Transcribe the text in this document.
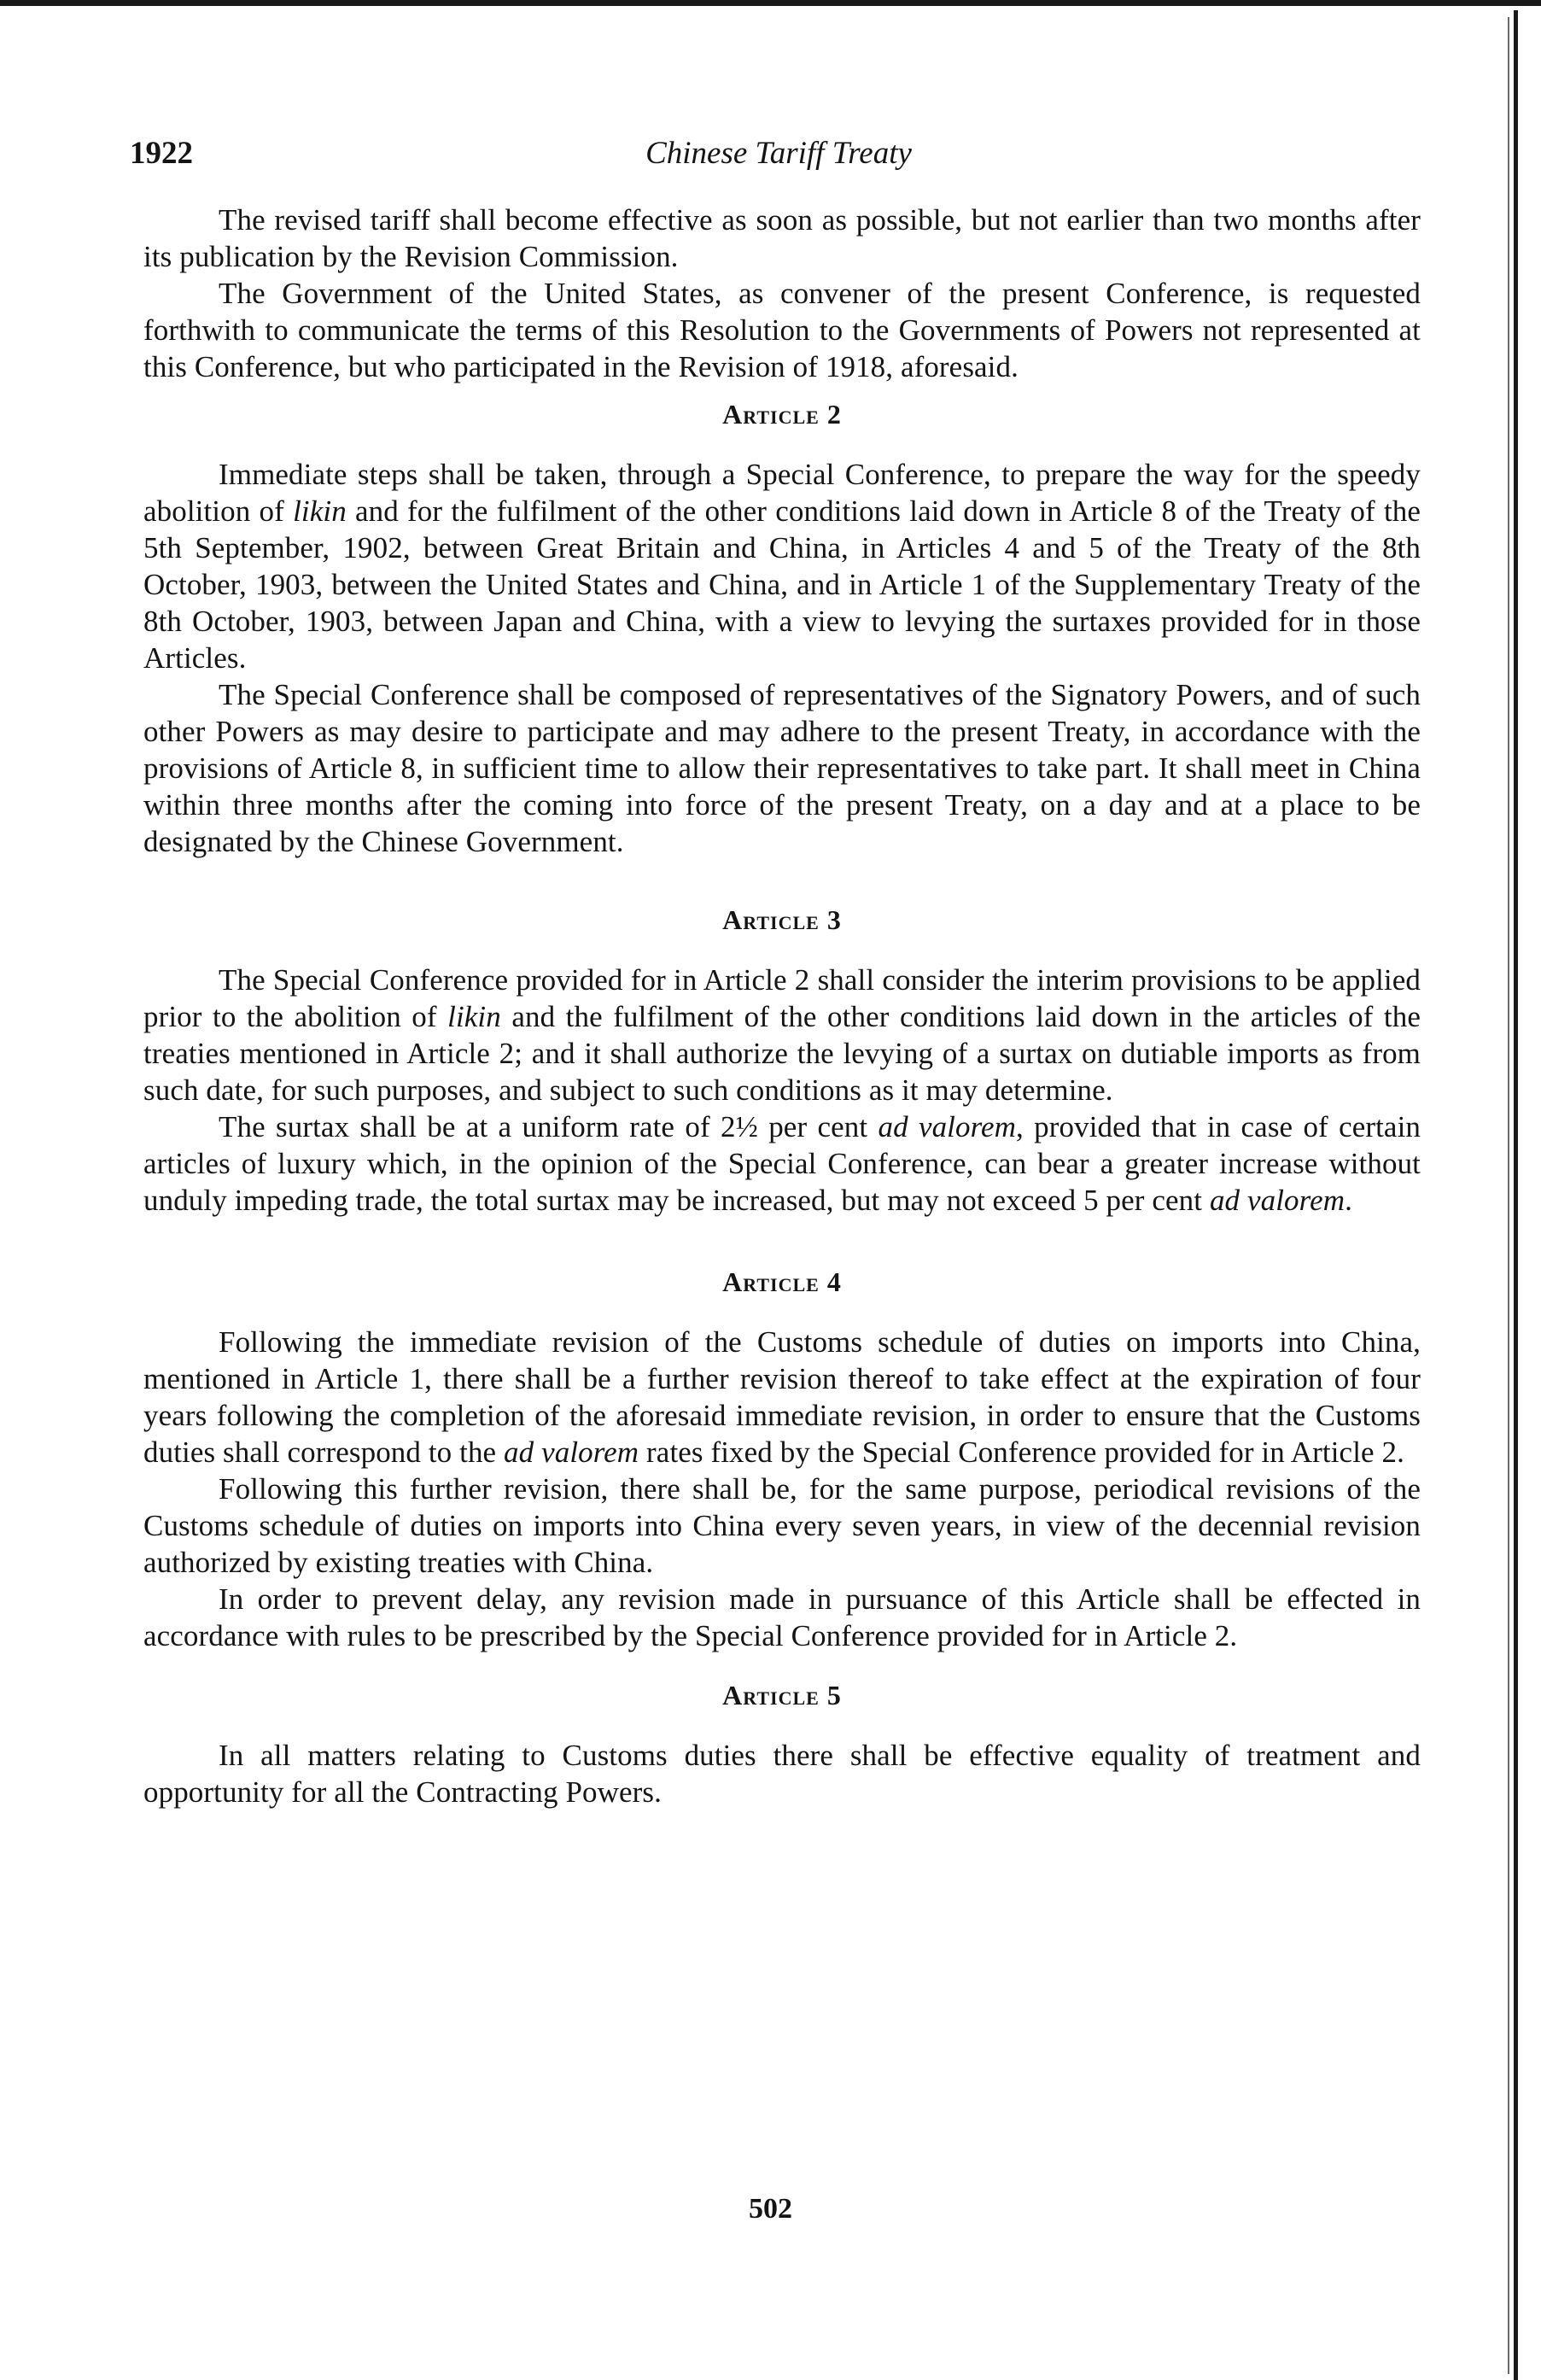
Chinese Tariff Treaty
1922

The revised tariff shall become effective as soon as possible, but not earlier than two months after its publication by the Revision Commission.

The Government of the United States, as convener of the present Conference, is requested forthwith to communicate the terms of this Resolution to the Governments of Powers not represented at this Conference, but who participated in the Revision of 1918, aforesaid.

Article 2

Immediate steps shall be taken, through a Special Conference, to prepare the way for the speedy abolition of likin and for the fulfilment of the other conditions laid down in Article 8 of the Treaty of the 5th September, 1902, between Great Britain and China, in Articles 4 and 5 of the Treaty of the 8th October, 1903, between the United States and China, and in Article 1 of the Supplementary Treaty of the 8th October, 1903, between Japan and China, with a view to levying the surtaxes provided for in those Articles.

The Special Conference shall be composed of representatives of the Signatory Powers, and of such other Powers as may desire to participate and may adhere to the present Treaty, in accordance with the provisions of Article 8, in sufficient time to allow their representatives to take part. It shall meet in China within three months after the coming into force of the present Treaty, on a day and at a place to be designated by the Chinese Government.

Article 3

The Special Conference provided for in Article 2 shall consider the interim provisions to be applied prior to the abolition of likin and the fulfilment of the other conditions laid down in the articles of the treaties mentioned in Article 2; and it shall authorize the levying of a surtax on dutiable imports as from such date, for such purposes, and subject to such conditions as it may determine.

The surtax shall be at a uniform rate of 2½ per cent ad valorem, provided that in case of certain articles of luxury which, in the opinion of the Special Conference, can bear a greater increase without unduly impeding trade, the total surtax may be increased, but may not exceed 5 per cent ad valorem.

Article 4

Following the immediate revision of the Customs schedule of duties on imports into China, mentioned in Article 1, there shall be a further revision thereof to take effect at the expiration of four years following the completion of the aforesaid immediate revision, in order to ensure that the Customs duties shall correspond to the ad valorem rates fixed by the Special Conference provided for in Article 2.

Following this further revision, there shall be, for the same purpose, periodical revisions of the Customs schedule of duties on imports into China every seven years, in view of the decennial revision authorized by existing treaties with China.

In order to prevent delay, any revision made in pursuance of this Article shall be effected in accordance with rules to be prescribed by the Special Conference provided for in Article 2.

Article 5

In all matters relating to Customs duties there shall be effective equality of treatment and opportunity for all the Contracting Powers.

502
